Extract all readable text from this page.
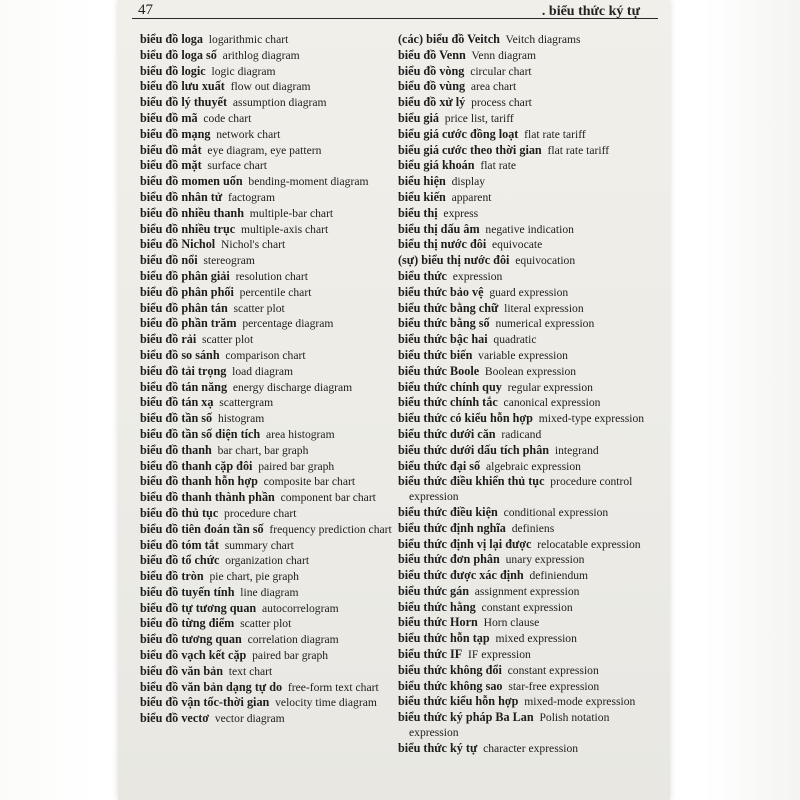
47	. biểu thức ký tự

biểu đồ loga logarithmic chart

biểu đồ loga số arithlog diagram

biểu đồ logic logic diagram

biểu đồ lưu xuất flow out diagram

biểu đồ lý thuyết assumption diagram

biểu đồ mã code chart

biểu đồ mạng network chart

biểu đồ mắt eye diagram, eye pattern

biểu đồ mặt surface chart

biểu đồ momen uốn bending-moment diagram

biểu đồ nhân tử factogram

biểu đồ nhiều thanh multiple-bar chart

biểu đồ nhiều trục multiple-axis chart

biểu đồ Nichol Nichol's chart

biểu đồ nổi stereogram

biểu đồ phân giải resolution chart

biểu đồ phân phối percentile chart

biểu đồ phân tán scatter plot

biểu đồ phần trăm percentage diagram

biểu đồ rải scatter plot

biểu đồ so sánh comparison chart

biểu đồ tải trọng load diagram

biểu đồ tán năng energy discharge diagram

biểu đồ tán xạ scattergram

biểu đồ tần số histogram

biểu đồ tần số diện tích area histogram

biểu đồ thanh bar chart, bar graph

biểu đồ thanh cặp đôi paired bar graph

biểu đồ thanh hỗn hợp composite bar chart

biểu đồ thanh thành phần component bar chart

biểu đồ thủ tục procedure chart

biểu đồ tiên đoán tần số frequency prediction chart

biểu đồ tóm tắt summary chart

biểu đồ tổ chức organization chart

biểu đồ tròn pie chart, pie graph

biểu đồ tuyến tính line diagram

biểu đồ tự tương quan autocorrelogram

biểu đồ từng điểm scatter plot

biểu đồ tương quan correlation diagram

biểu đồ vạch kết cặp paired bar graph

biểu đồ văn bản text chart

biểu đồ văn bản dạng tự do free-form text chart

biểu đồ vận tốc-thời gian velocity time diagram

biểu đồ vectơ vector diagram

(các) biểu đồ Veitch Veitch diagrams

biểu đồ Venn Venn diagram

biểu đồ vòng circular chart

biểu đồ vùng area chart

biểu đồ xử lý process chart

biểu giá price list, tariff

biểu giá cước đồng loạt flat rate tariff

biểu giá cước theo thời gian flat rate tariff

biểu giá khoán flat rate

biểu hiện display

biểu kiến apparent

biểu thị express

biểu thị dấu âm negative indication

biểu thị nước đôi equivocate

(sự) biểu thị nước đôi equivocation

biểu thức expression

biểu thức bảo vệ guard expression

biểu thức bằng chữ literal expression

biểu thức bằng số numerical expression

biểu thức bậc hai quadratic

biểu thức biến variable expression

biểu thức Boole Boolean expression

biểu thức chính quy regular expression

biểu thức chính tắc canonical expression

biểu thức có kiểu hỗn hợp mixed-type expression

biểu thức dưới căn radicand

biểu thức dưới dấu tích phân integrand

biểu thức đại số algebraic expression

biểu thức điều khiển thủ tục procedure control expression

biểu thức điều kiện conditional expression

biểu thức định nghĩa definiens

biểu thức định vị lại được relocatable expression

biểu thức đơn phân unary expression

biểu thức được xác định definiendum

biểu thức gán assignment expression

biểu thức hằng constant expression

biểu thức Horn Horn clause

biểu thức hỗn tạp mixed expression

biểu thức IF IF expression

biểu thức không đổi constant expression

biểu thức không sao star-free expression

biểu thức kiểu hỗn hợp mixed-mode expression

biểu thức ký pháp Ba Lan Polish notation expression

biểu thức ký tự character expression
